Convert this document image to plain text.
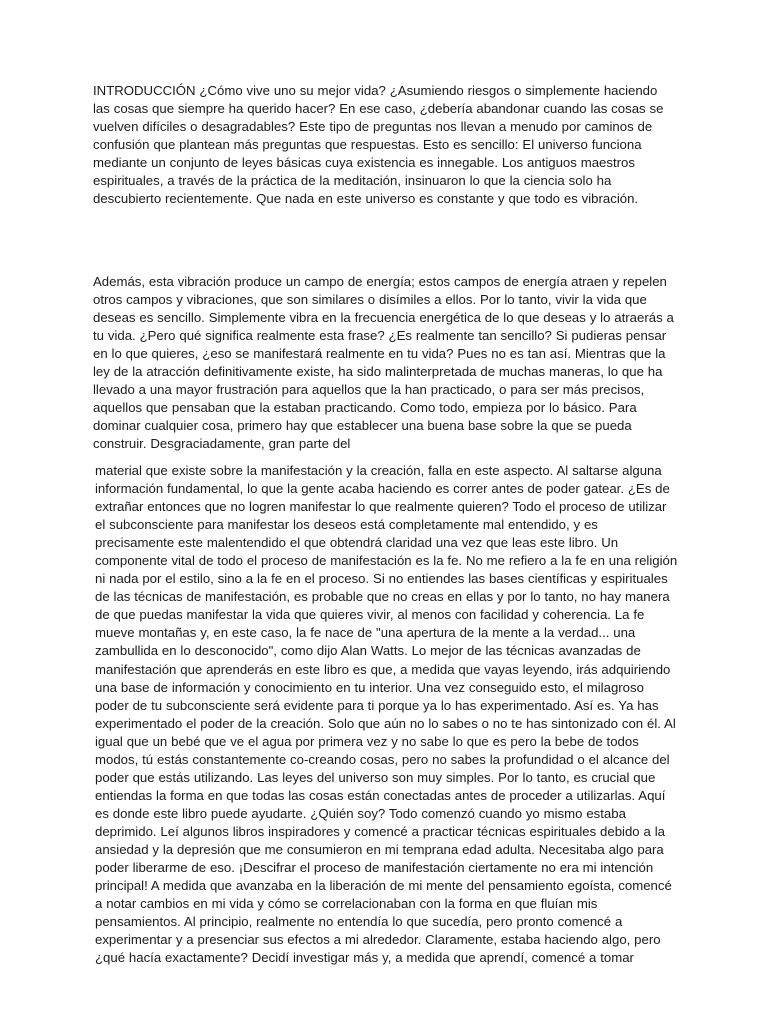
INTRODUCCIÓN ¿Cómo vive uno su mejor vida? ¿Asumiendo riesgos o simplemente haciendo las cosas que siempre ha querido hacer? En ese caso, ¿debería abandonar cuando las cosas se vuelven difíciles o desagradables? Este tipo de preguntas nos llevan a menudo por caminos de confusión que plantean más preguntas que respuestas. Esto es sencillo: El universo funciona mediante un conjunto de leyes básicas cuya existencia es innegable. Los antiguos maestros espirituales, a través de la práctica de la meditación, insinuaron lo que la ciencia solo ha descubierto recientemente. Que nada en este universo es constante y que todo es vibración.

Además, esta vibración produce un campo de energía; estos campos de energía atraen y repelen otros campos y vibraciones, que son similares o disímiles a ellos. Por lo tanto, vivir la vida que deseas es sencillo. Simplemente vibra en la frecuencia energética de lo que deseas y lo atraerás a tu vida. ¿Pero qué significa realmente esta frase? ¿Es realmente tan sencillo? Si pudieras pensar en lo que quieres, ¿eso se manifestará realmente en tu vida? Pues no es tan así. Mientras que la ley de la atracción definitivamente existe, ha sido malinterpretada de muchas maneras, lo que ha llevado a una mayor frustración para aquellos que la han practicado, o para ser más precisos, aquellos que pensaban que la estaban practicando. Como todo, empieza por lo básico. Para dominar cualquier cosa, primero hay que establecer una buena base sobre la que se pueda construir. Desgraciadamente, gran parte del

material que existe sobre la manifestación y la creación, falla en este aspecto. Al saltarse alguna información fundamental, lo que la gente acaba haciendo es correr antes de poder gatear. ¿Es de extrañar entonces que no logren manifestar lo que realmente quieren? Todo el proceso de utilizar el subconsciente para manifestar los deseos está completamente mal entendido, y es precisamente este malentendido el que obtendrá claridad una vez que leas este libro. Un componente vital de todo el proceso de manifestación es la fe. No me refiero a la fe en una religión ni nada por el estilo, sino a la fe en el proceso. Si no entiendes las bases científicas y espirituales de las técnicas de manifestación, es probable que no creas en ellas y por lo tanto, no hay manera de que puedas manifestar la vida que quieres vivir, al menos con facilidad y coherencia. La fe mueve montañas y, en este caso, la fe nace de "una apertura de la mente a la verdad... una zambullida en lo desconocido", como dijo Alan Watts. Lo mejor de las técnicas avanzadas de manifestación que aprenderás en este libro es que, a medida que vayas leyendo, irás adquiriendo una base de información y conocimiento en tu interior. Una vez conseguido esto, el milagroso poder de tu subconsciente será evidente para ti porque ya lo has experimentado. Así es. Ya has experimentado el poder de la creación. Solo que aún no lo sabes o no te has sintonizado con él. Al igual que un bebé que ve el agua por primera vez y no sabe lo que es pero la bebe de todos modos, tú estás constantemente co-creando cosas, pero no sabes la profundidad o el alcance del poder que estás utilizando. Las leyes del universo son muy simples. Por lo tanto, es crucial que entiendas la forma en que todas las cosas están conectadas antes de proceder a utilizarlas. Aquí es donde este libro puede ayudarte. ¿Quién soy? Todo comenzó cuando yo mismo estaba deprimido. Leí algunos libros inspiradores y comencé a practicar técnicas espirituales debido a la ansiedad y la depresión que me consumieron en mi temprana edad adulta. Necesitaba algo para poder liberarme de eso. ¡Descifrar el proceso de manifestación ciertamente no era mi intención principal! A medida que avanzaba en la liberación de mi mente del pensamiento egoísta, comencé a notar cambios en mi vida y cómo se correlacionaban con la forma en que fluían mis pensamientos. Al principio, realmente no entendía lo que sucedía, pero pronto comencé a experimentar y a presenciar sus efectos a mi alrededor. Claramente, estaba haciendo algo, pero ¿qué hacía exactamente? Decidí investigar más y, a medida que aprendí, comencé a tomar
